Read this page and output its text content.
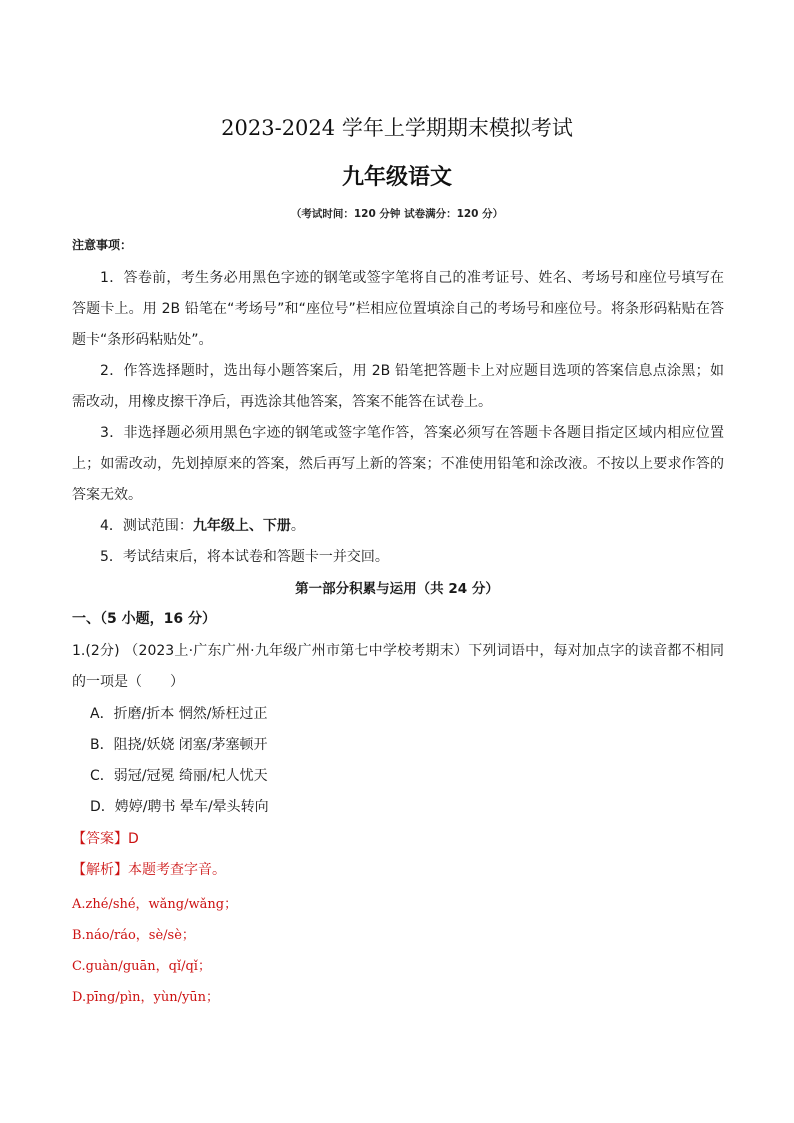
2023-2024 学年上学期期末模拟考试
九年级语文
（考试时间：120 分钟 试卷满分：120 分）
注意事项：

1．答卷前，考生务必用黑色字迹的钢笔或签字笔将自己的准考证号、姓名、考场号和座位号填写在答题卡上。用 2B 铅笔在“考场号”和“座位号”栏相应位置填涂自己的考场号和座位号。将条形码粘贴在答题卡“条形码粘贴处”。

2．作答选择题时，选出每小题答案后，用 2B 铅笔把答题卡上对应题目选项的答案信息点涂黑；如需改动，用橡皮擦干净后，再选涂其他答案，答案不能答在试卷上。

3．非选择题必须用黑色字迹的钢笔或签字笔作答，答案必须写在答题卡各题目指定区域内相应位置上；如需改动，先划掉原来的答案，然后再写上新的答案；不准使用铅笔和涂改液。不按以上要求作答的答案无效。

4．测试范围：九年级上、下册。

5．考试结束后，将本试卷和答题卡一并交回。

第一部分积累与运用（共 24 分）
一、（5 小题，16 分）

1.(2分) （2023上·广东广州·九年级广州市第七中学校考期末）下列词语中，每对加点字的读音都不相同的一项是（　　）

A．折磨/折本 惘然/矫枉过正
B．阻挠/妖娆 闭塞/茅塞顿开
C．弱冠/冠冕 绮丽/杞人忧天
D．娉婷/聘书 晕车/晕头转向
【答案】D
【解析】本题考查字音。
A.zhé/shé，wǎng/wǎng；
B.náo/ráo，sè/sè；
C.guàn/guān，qǐ/qǐ；
D.pīng/pìn，yùn/yūn；
